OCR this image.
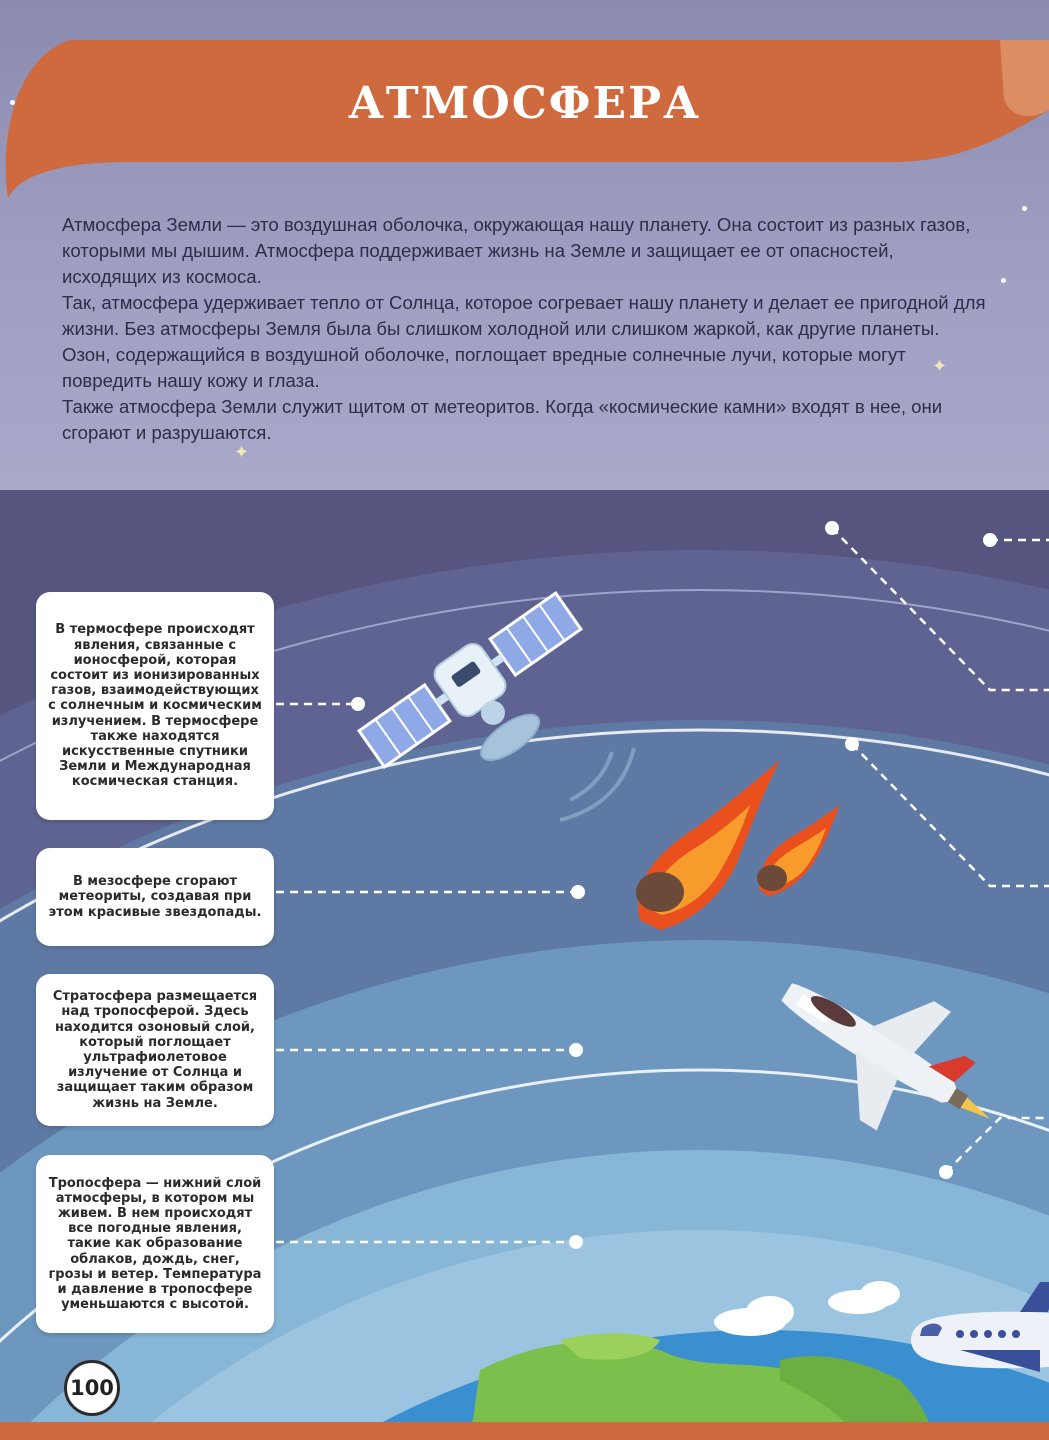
АТМОСФЕРА
✦
✦

Атмосфера Земли — это воздушная оболочка, окружающая нашу планету. Она состоит из разных газов, которыми мы дышим. Атмосфера поддерживает жизнь на Земле и защищает ее от опасностей, исходящих из космоса.

Так, атмосфера удерживает тепло от Солнца, которое согревает нашу планету и делает ее пригодной для жизни. Без атмосферы Земля была бы слишком холодной или слишком жаркой, как другие планеты. Озон, содержащийся в воздушной оболочке, поглощает вредные солнечные лучи, которые могут повредить нашу кожу и глаза.

Также атмосфера Земли служит щитом от метеоритов. Когда «космические камни» входят в нее, они сгорают и разрушаются.

В термосфере происходят явления, связанные с ионосферой, которая состоит из ионизированных газов, взаимодействующих с солнечным и космическим излучением. В термосфере также находятся искусственные спутники Земли и Международная космическая станция.
В мезосфере сгорают метеориты, создавая при этом красивые звездопады.
Стратосфера размещается над тропосферой. Здесь находится озоновый слой, который поглощает ультрафиолетовое излучение от Солнца и защищает таким образом жизнь на Земле.
Тропосфера — нижний слой атмосферы, в котором мы живем. В нем происходят все погодные явления, такие как образование облаков, дождь, снег, грозы и ветер. Температура и давление в тропосфере уменьшаются с высотой.
100
